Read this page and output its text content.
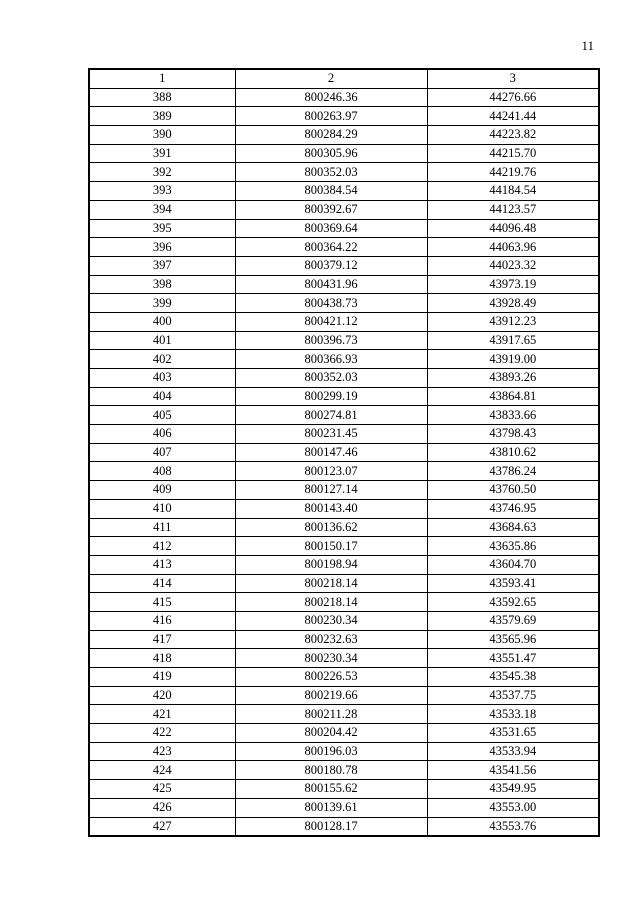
11
1	2	3
388	800246.36	44276.66
389	800263.97	44241.44
390	800284.29	44223.82
391	800305.96	44215.70
392	800352.03	44219.76
393	800384.54	44184.54
394	800392.67	44123.57
395	800369.64	44096.48
396	800364.22	44063.96
397	800379.12	44023.32
398	800431.96	43973.19
399	800438.73	43928.49
400	800421.12	43912.23
401	800396.73	43917.65
402	800366.93	43919.00
403	800352.03	43893.26
404	800299.19	43864.81
405	800274.81	43833.66
406	800231.45	43798.43
407	800147.46	43810.62
408	800123.07	43786.24
409	800127.14	43760.50
410	800143.40	43746.95
411	800136.62	43684.63
412	800150.17	43635.86
413	800198.94	43604.70
414	800218.14	43593.41
415	800218.14	43592.65
416	800230.34	43579.69
417	800232.63	43565.96
418	800230.34	43551.47
419	800226.53	43545.38
420	800219.66	43537.75
421	800211.28	43533.18
422	800204.42	43531.65
423	800196.03	43533.94
424	800180.78	43541.56
425	800155.62	43549.95
426	800139.61	43553.00
427	800128.17	43553.76
